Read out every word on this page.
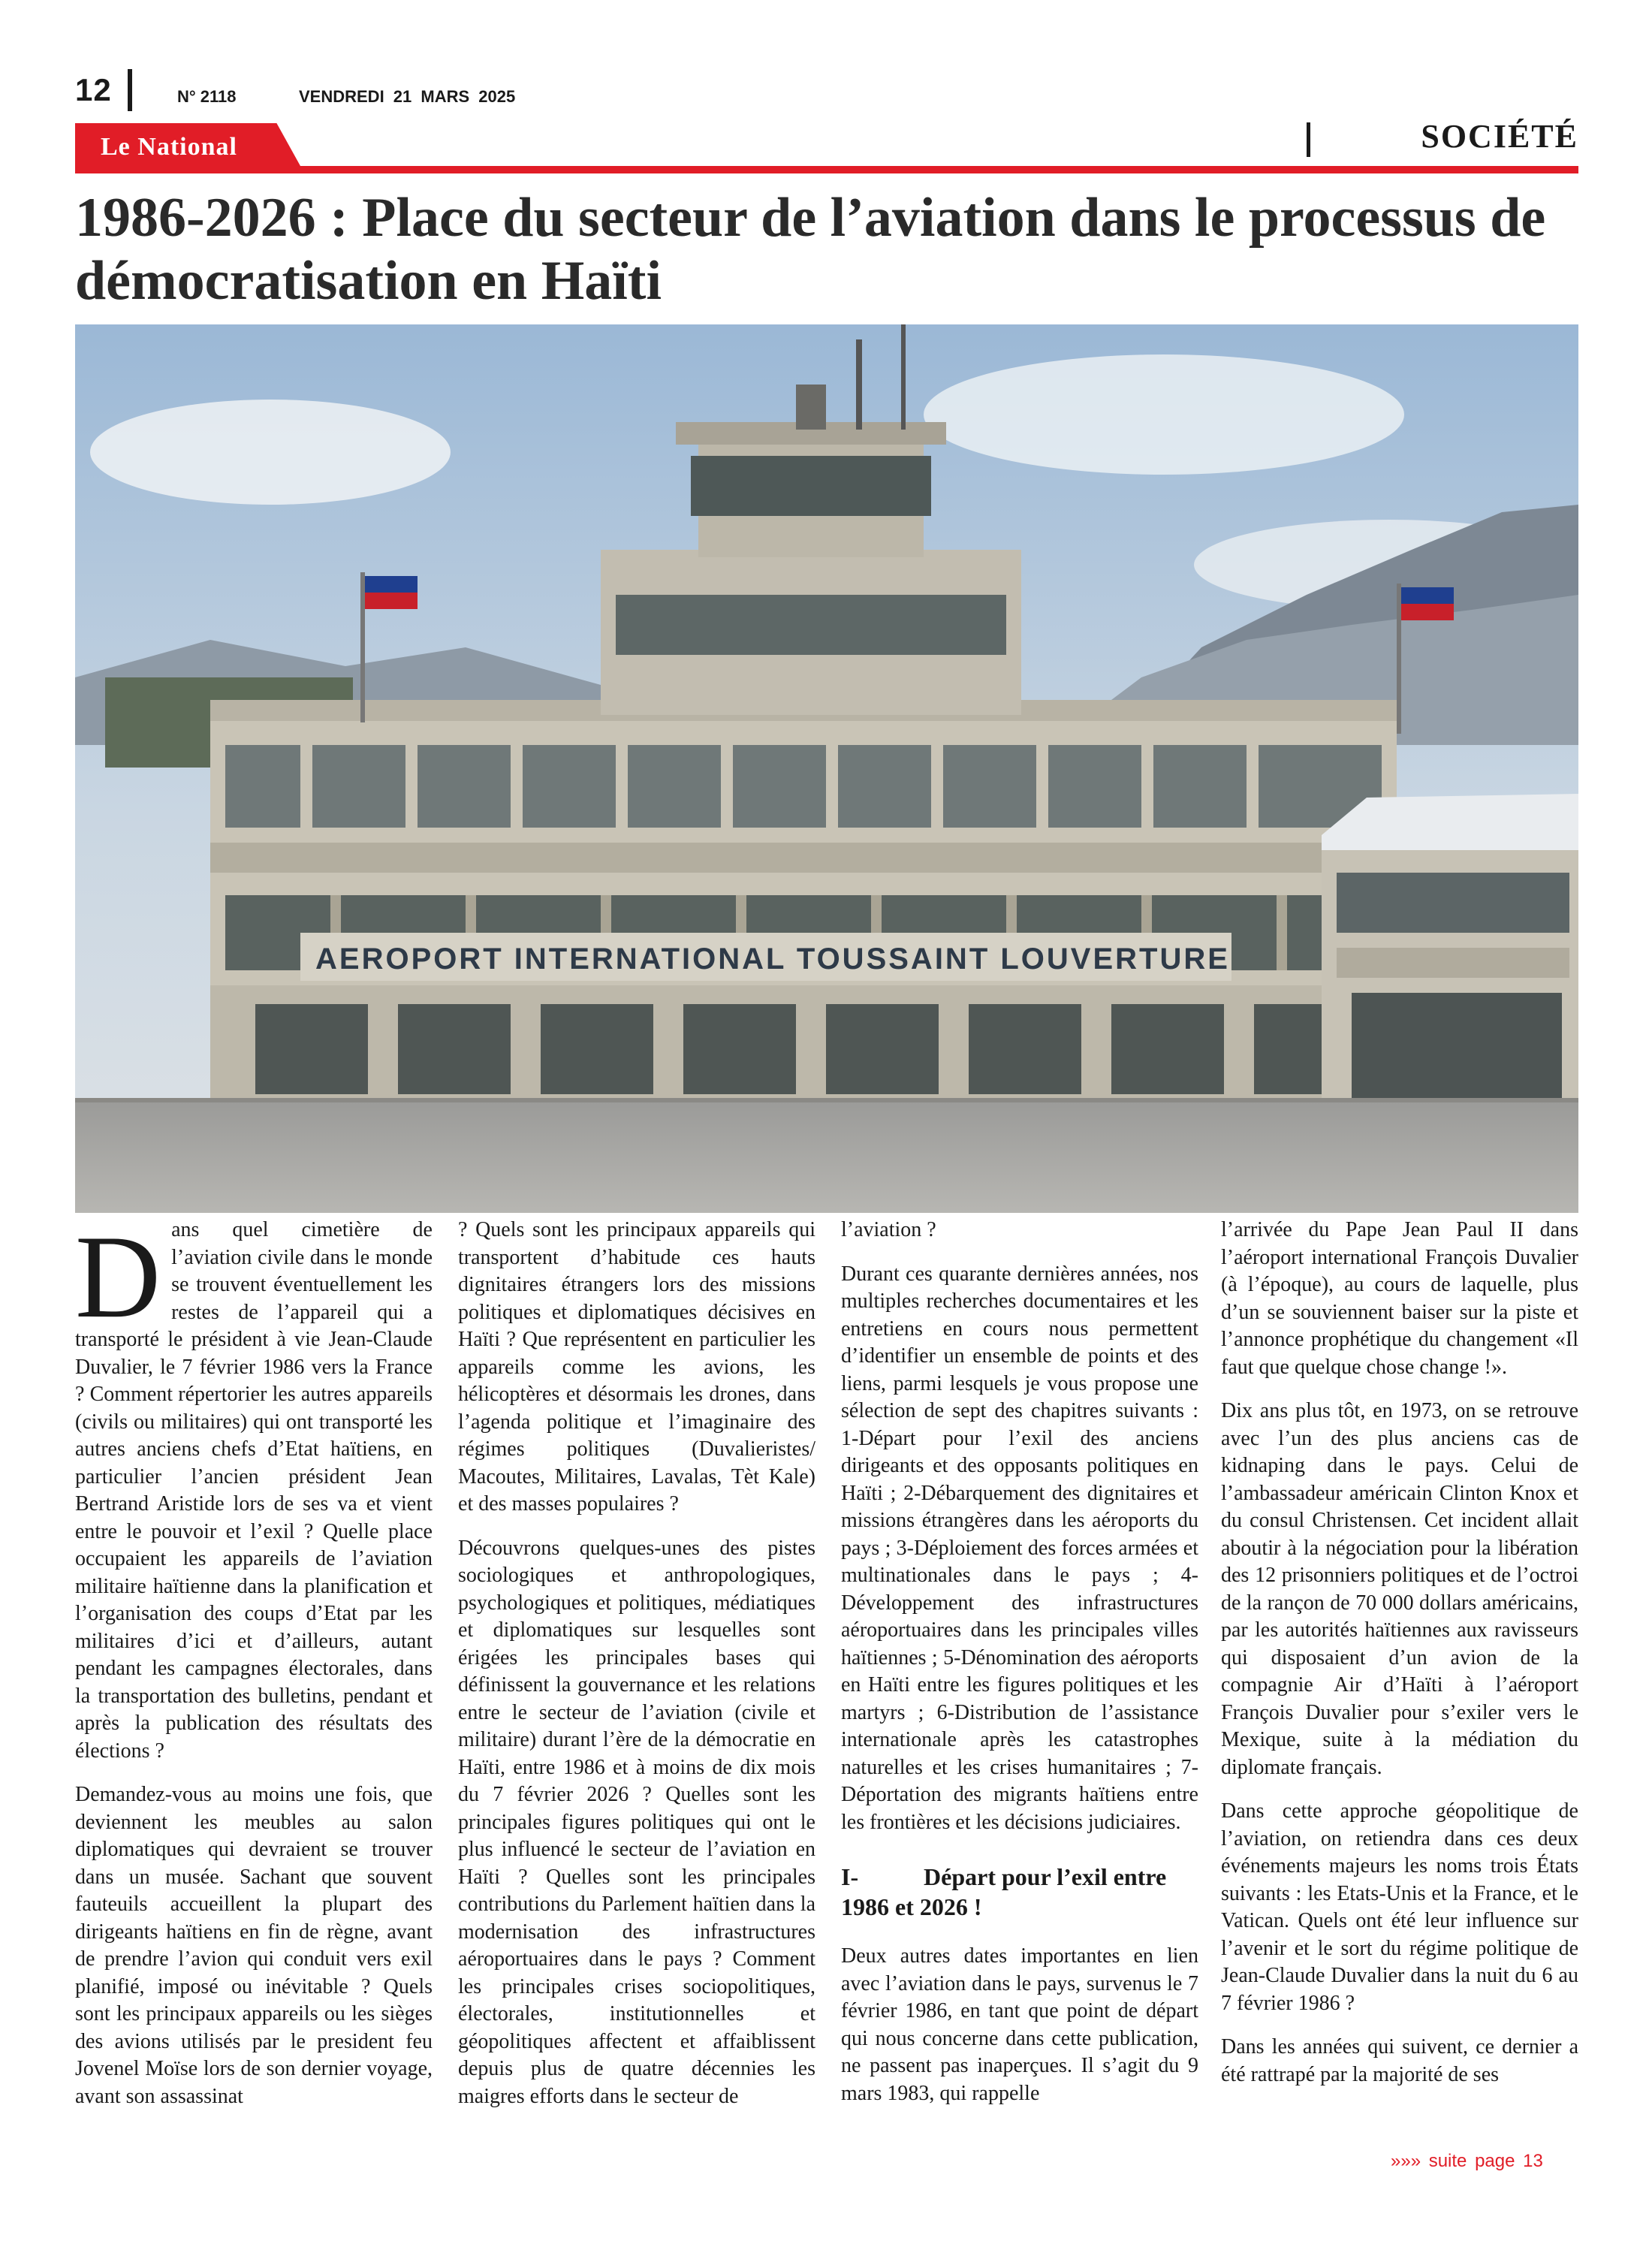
12	N° 2118	VENDREDI 21 MARS 2025
Le National	SOCIÉTÉ
1986-2026 : Place du secteur de l’aviation dans le processus de démocratisation en Haïti
AEROPORT INTERNATIONAL TOUSSAINT LOUVERTURE

Dans quel cimetière de l’aviation civile dans le monde se trouvent éventuellement les restes de l’appareil qui a transporté le président à vie Jean-Claude Duvalier, le 7 février 1986 vers la France ? Comment répertorier les autres appareils (civils ou militaires) qui ont transporté les autres anciens chefs d’Etat haïtiens, en particulier l’ancien président Jean Bertrand Aristide lors de ses va et vient entre le pouvoir et l’exil ? Quelle place occupaient les appareils de l’aviation militaire haïtienne dans la planification et l’organisation des coups d’Etat par les militaires d’ici et d’ailleurs, autant pendant les campagnes électorales, dans la transportation des bulletins, pendant et après la publication des résultats des élections ?

Demandez-vous au moins une fois, que deviennent les meubles au salon diplomatiques qui devraient se trouver dans un musée. Sachant que souvent fauteuils accueillent la plupart des dirigeants haïtiens en fin de règne, avant de prendre l’avion qui conduit vers exil planifié, imposé ou inévitable ? Quels sont les principaux appareils ou les sièges des avions utilisés par le president feu Jovenel Moïse lors de son dernier voyage, avant son assassinat

? Quels sont les principaux appareils qui transportent d’habitude ces hauts dignitaires étrangers lors des missions politiques et diplomatiques décisives en Haïti ? Que représentent en particulier les appareils comme les avions, les hélicoptères et désormais les drones, dans l’agenda politique et l’imaginaire des régimes politiques (Duvalieristes/ Macoutes, Militaires, Lavalas, Tèt Kale) et des masses populaires ?

Découvrons quelques-unes des pistes sociologiques et anthropologiques, psychologiques et politiques, médiatiques et diplomatiques sur lesquelles sont érigées les principales bases qui définissent la gouvernance et les relations entre le secteur de l’aviation (civile et militaire) durant l’ère de la démocratie en Haïti, entre 1986 et à moins de dix mois du 7 février 2026 ? Quelles sont les principales figures politiques qui ont le plus influencé le secteur de l’aviation en Haïti ? Quelles sont les principales contributions du Parlement haïtien dans la modernisation des infrastructures aéroportuaires dans le pays ? Comment les principales crises sociopolitiques, électorales, institutionnelles et géopolitiques affectent et affaiblissent depuis plus de quatre décennies les maigres efforts dans le secteur de

l’aviation ?

Durant ces quarante dernières années, nos multiples recherches documentaires et les entretiens en cours nous permettent d’identifier un ensemble de points et des liens, parmi lesquels je vous propose une sélection de sept des chapitres suivants : 1-Départ pour l’exil des anciens dirigeants et des opposants politiques en Haïti ; 2-Débarquement des dignitaires et missions étrangères dans les aéroports du pays ; 3-Déploiement des forces armées et multinationales dans le pays ; 4-Développement des infrastructures aéroportuaires dans les principales villes haïtiennes ; 5-Dénomination des aéroports en Haïti entre les figures politiques et les martyrs ; 6-Distribution de l’assistance internationale après les catastrophes naturelles et les crises humanitaires ; 7-Déportation des migrants haïtiens entre les frontières et les décisions judiciaires.

I-	Départ pour l’exil entre 1986 et 2026 !

Deux autres dates importantes en lien avec l’aviation dans le pays, survenus le 7 février 1986, en tant que point de départ qui nous concerne dans cette publication, ne passent pas inaperçues. Il s’agit du 9 mars 1983, qui rappelle

l’arrivée du Pape Jean Paul II dans l’aéroport international François Duvalier (à l’époque), au cours de laquelle, plus d’un se souviennent baiser sur la piste et l’annonce prophétique du changement «Il faut que quelque chose change !».

Dix ans plus tôt, en 1973, on se retrouve avec l’un des plus anciens cas de kidnaping dans le pays. Celui de l’ambassadeur américain Clinton Knox et du consul Christensen. Cet incident allait aboutir à la négociation pour la libération des 12 prisonniers politiques et de l’octroi de la rançon de 70 000 dollars américains, par les autorités haïtiennes aux ravisseurs qui disposaient d’un avion de la compagnie Air d’Haïti à l’aéroport François Duvalier pour s’exiler vers le Mexique, suite à la médiation du diplomate français.

Dans cette approche géopolitique de l’aviation, on retiendra dans ces deux événements majeurs les noms trois États suivants : les Etats-Unis et la France, et le Vatican. Quels ont été leur influence sur l’avenir et le sort du régime politique de Jean-Claude Duvalier dans la nuit du 6 au 7 février 1986 ?

Dans les années qui suivent, ce dernier a été rattrapé par la majorité de ses

»»» suite page 13
